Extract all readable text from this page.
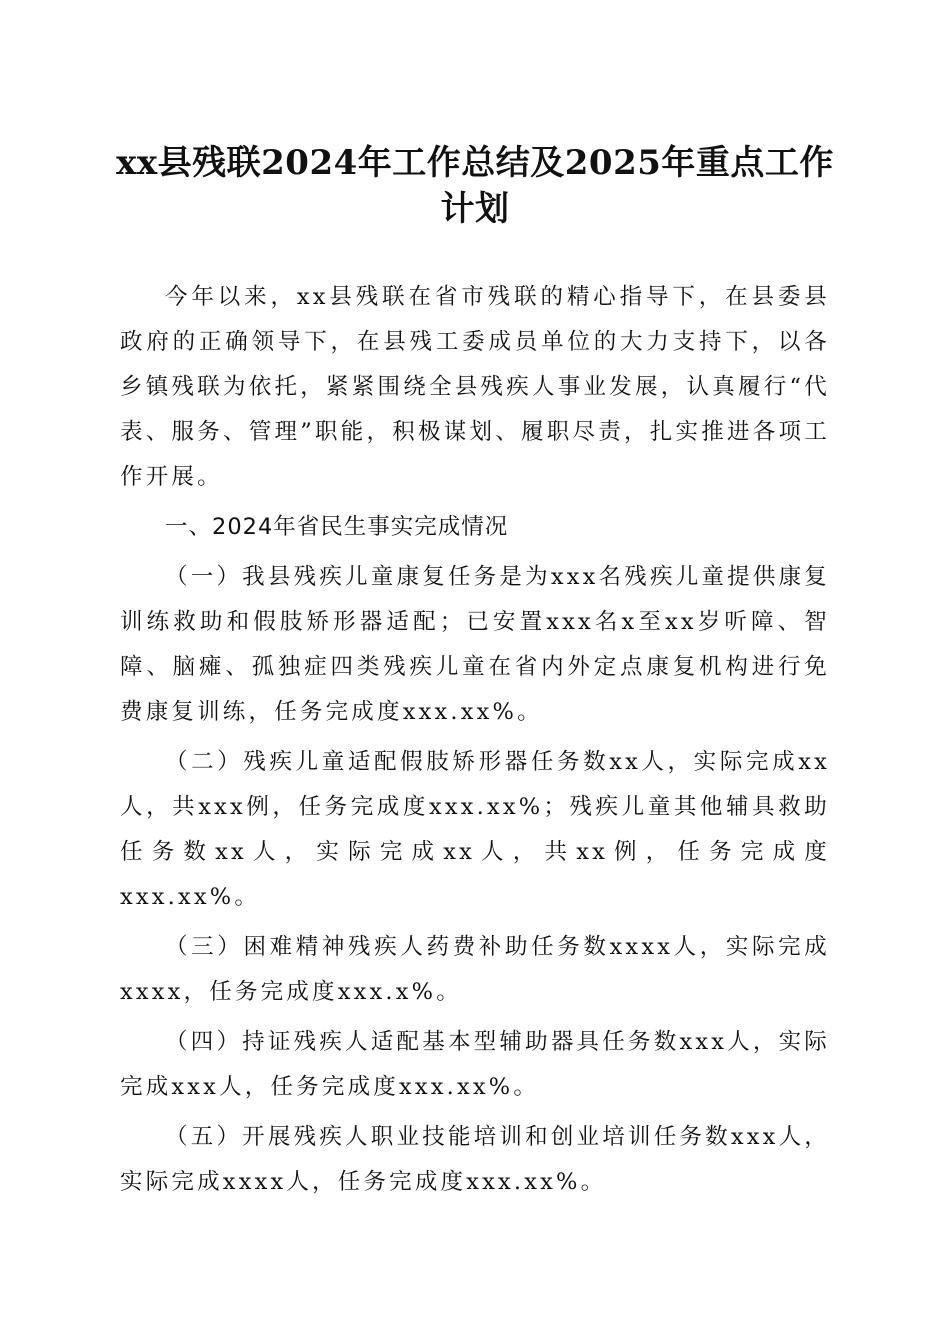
xx县残联2024年工作总结及2025年重点工作计划

今年以来，xx县残联在省市残联的精心指导下，在县委县政府的正确领导下，在县残工委成员单位的大力支持下，以各乡镇残联为依托，紧紧围绕全县残疾人事业发展，认真履行“代表、服务、管理”职能，积极谋划、履职尽责，扎实推进各项工作开展。

一、2024年省民生事实完成情况

（一）我县残疾儿童康复任务是为xxx名残疾儿童提供康复训练救助和假肢矫形器适配；已安置xxx名x至xx岁听障、智障、脑瘫、孤独症四类残疾儿童在省内外定点康复机构进行免费康复训练，任务完成度xxx.xx%。

（二）残疾儿童适配假肢矫形器任务数xx人，实际完成xx人，共xxx例，任务完成度xxx.xx%；残疾儿童其他辅具救助任务数xx人，实际完成xx人，共xx例，任务完成度xxx.xx%。

（三）困难精神残疾人药费补助任务数xxxx人，实际完成xxxx，任务完成度xxx.x%。

（四）持证残疾人适配基本型辅助器具任务数xxx人，实际完成xxx人，任务完成度xxx.xx%。

（五）开展残疾人职业技能培训和创业培训任务数xxx人，实际完成xxxx人，任务完成度xxx.xx%。
